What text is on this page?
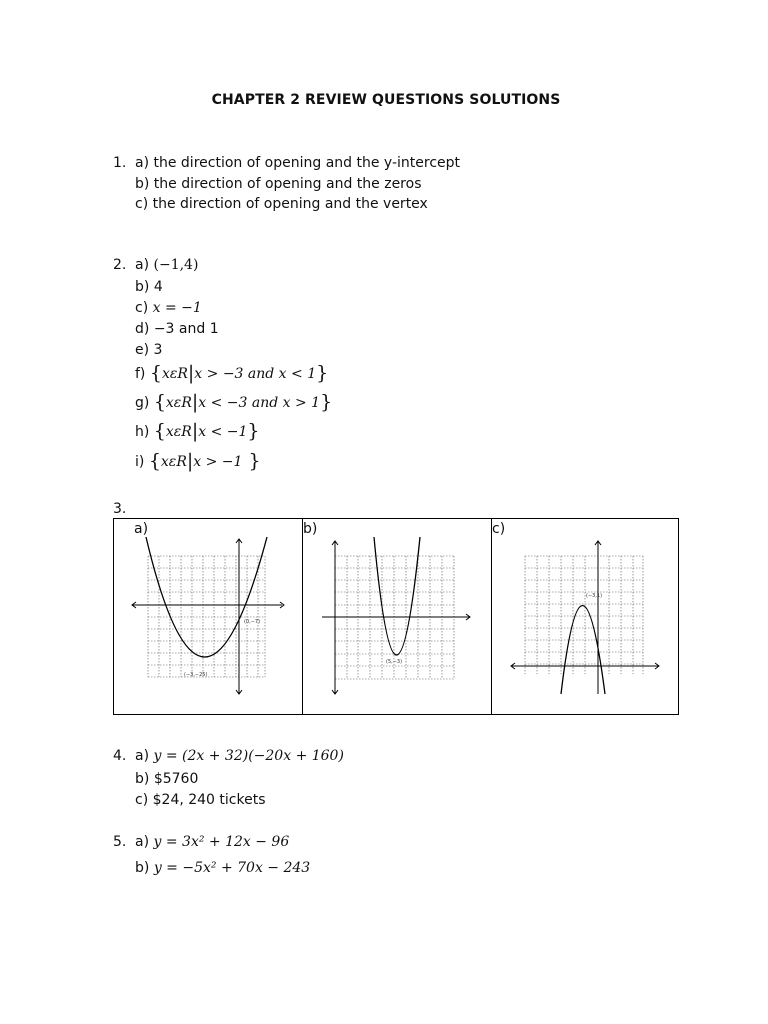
CHAPTER 2 REVIEW QUESTIONS SOLUTIONS
1. a) the direction of opening and the y-intercept
b) the direction of opening and the zeros
c) the direction of opening and the vertex
2. a) (−1,4)
b) 4
c) x = −1
d) −3 and 1
e) 3
f) {xεR|x > −3 and x < 1}
g) {xεR|x < −3 and x > 1}
h) {xεR|x < −1}
i) {xεR|x > −1 }
3.
a)
(−3,−25)
(0,−7)
b)
(5,−3)
c)
(−3,1)
4. a) y = (2x + 32)(−20x + 160)
b) $5760
c) $24, 240 tickets
5. a) y = 3x² + 12x − 96
b) y = −5x² + 70x − 243
